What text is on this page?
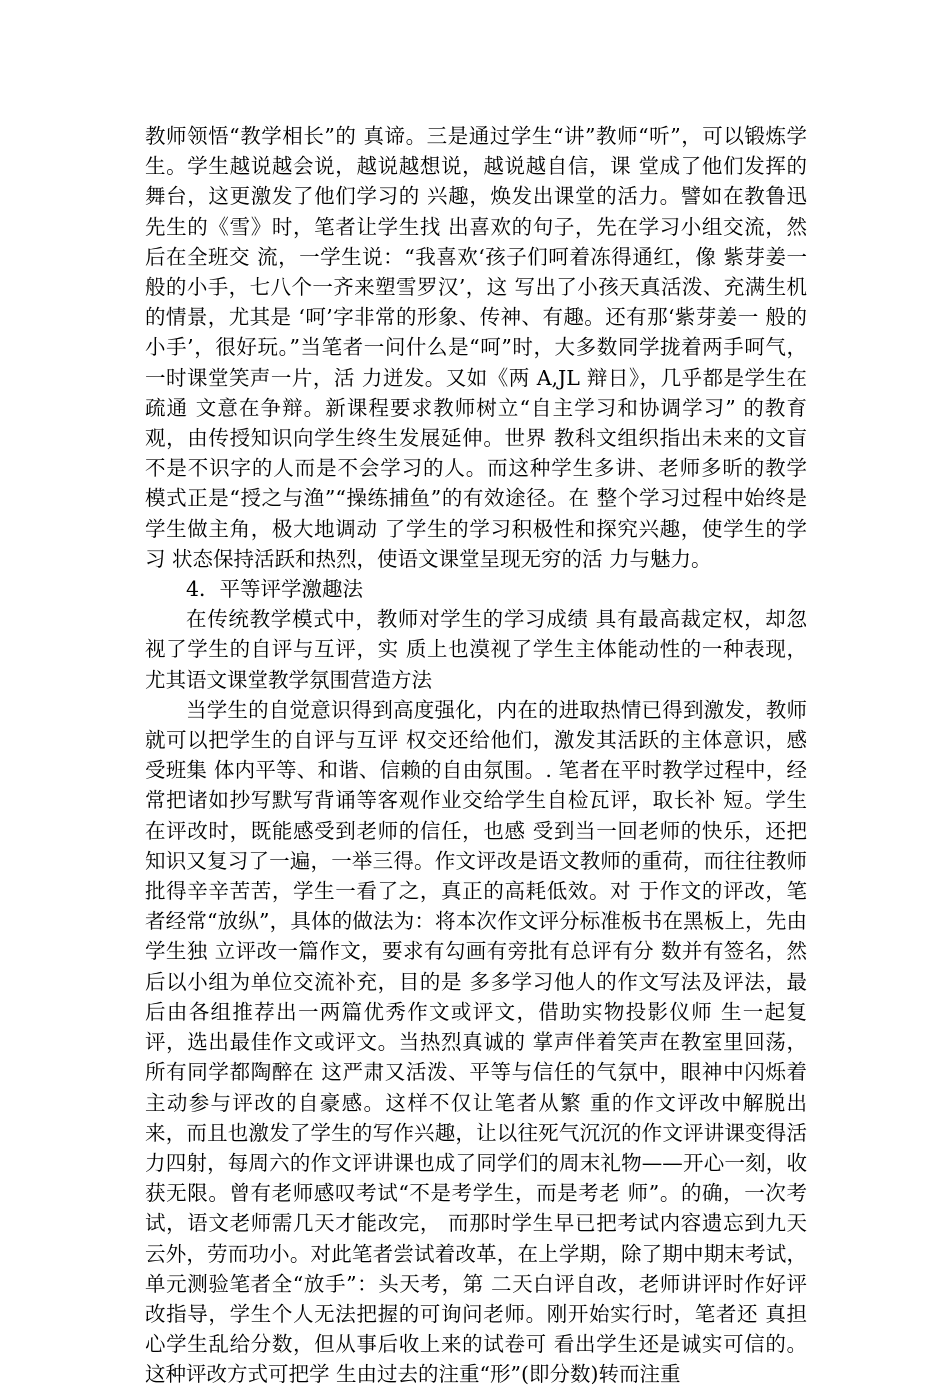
教师领悟“教学相长”的 真谛。三是通过学生“讲”教师“听”，可以锻炼学 生。学生越说越会说，越说越想说，越说越自信，课 堂成了他们发挥的舞台，这更激发了他们学习的 兴趣，焕发出课堂的活力。譬如在教鲁迅先生的《雪》时，笔者让学生找 出喜欢的句子，先在学习小组交流，然后在全班交 流，一学生说：“我喜欢‘孩子们呵着冻得通红，像 紫芽姜一般的小手，七八个一齐来塑雪罗汉’，这 写出了小孩天真活泼、充满生机的情景，尤其是 ‘呵’字非常的形象、传神、有趣。还有那‘紫芽姜一 般的小手’，很好玩。”当笔者一问什么是“呵”时，大多数同学拢着两手呵气，一时课堂笑声一片，活 力迸发。又如《两 A,JL 辩日》，几乎都是学生在疏通 文意在争辩。新课程要求教师树立“自主学习和协调学习” 的教育观，由传授知识向学生终生发展延伸。世界 教科文组织指出未来的文盲不是不识字的人而是不会学习的人。而这种学生多讲、老师多昕的教学 模式正是“授之与渔”“操练捕鱼”的有效途径。在 整个学习过程中始终是学生做主角，极大地调动 了学生的学习积极性和探究兴趣，使学生的学习 状态保持活跃和热烈，使语文课堂呈现无穷的活 力与魅力。

4．平等评学激趣法

在传统教学模式中，教师对学生的学习成绩 具有最高裁定权，却忽视了学生的自评与互评，实 质上也漠视了学生主体能动性的一种表现，尤其语文课堂教学氛围营造方法

当学生的自觉意识得到高度强化，内在的进取热情已得到激发，教师就可以把学生的自评与互评 权交还给他们，激发其活跃的主体意识，感受班集 体内平等、和谐、信赖的自由氛围。. 笔者在平时教学过程中，经常把诸如抄写默写背诵等客观作业交给学生自检瓦评，取长补 短。学生在评改时，既能感受到老师的信任，也感 受到当一回老师的快乐，还把知识又复习了一遍，一举三得。作文评改是语文教师的重荷，而往往教师批得辛辛苦苦，学生一看了之，真正的高耗低效。对 于作文的评改，笔者经常“放纵”，具体的做法为：将本次作文评分标准板书在黑板上，先由学生独 立评改一篇作文，要求有勾画有旁批有总评有分 数并有签名，然后以小组为单位交流补充，目的是 多多学习他人的作文写法及评法，最后由各组推荐出一两篇优秀作文或评文，借助实物投影仪师 生一起复评，选出最佳作文或评文。当热烈真诚的 掌声伴着笑声在教室里回荡，所有同学都陶醉在 这严肃又活泼、平等与信任的气氛中，眼神中闪烁着主动参与评改的自豪感。这样不仅让笔者从繁 重的作文评改中解脱出来，而且也激发了学生的写作兴趣，让以往死气沉沉的作文评讲课变得活 力四射，每周六的作文评讲课也成了同学们的周末礼物——开心一刻，收获无限。曾有老师感叹考试“不是考学生，而是考老 师”。的确，一次考试，语文老师需几天才能改完， 而那时学生早已把考试内容遗忘到九天云外，劳而功小。对此笔者尝试着改革，在上学期，除了期中期末考试，单元测验笔者全“放手”：头天考，第 二天白评自改，老师讲评时作好评改指导，学生个人无法把握的可询问老师。刚开始实行时，笔者还 真担心学生乱给分数，但从事后收上来的试卷可 看出学生还是诚实可信的。这种评改方式可把学 生由过去的注重“形”(即分数)转而注重
